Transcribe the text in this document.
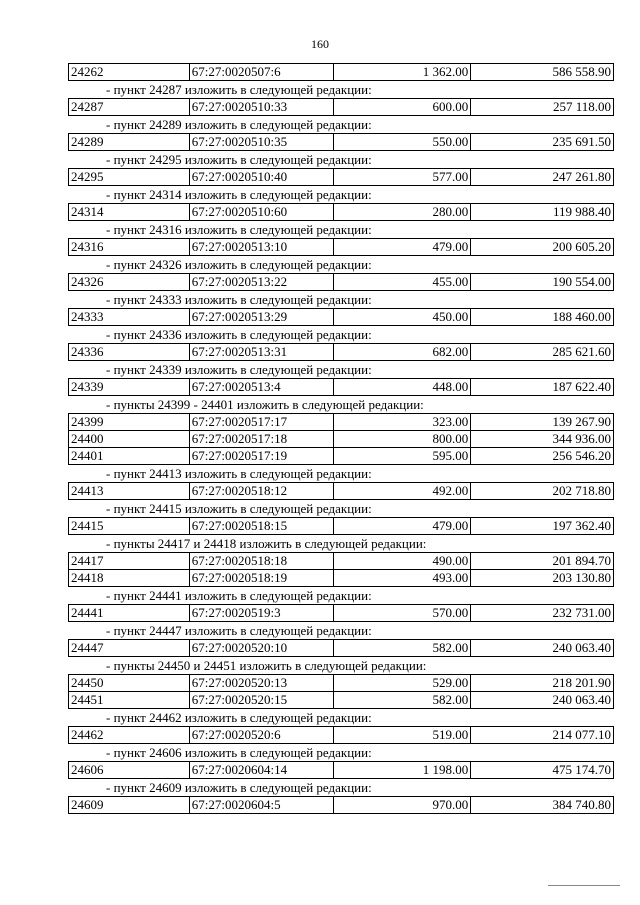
160
24262	67:27:0020507:6	1 362.00	586 558.90
- пункт 24287 изложить в следующей редакции:
24287	67:27:0020510:33	600.00	257 118.00
- пункт 24289 изложить в следующей редакции:
24289	67:27:0020510:35	550.00	235 691.50
- пункт 24295 изложить в следующей редакции:
24295	67:27:0020510:40	577.00	247 261.80
- пункт 24314 изложить в следующей редакции:
24314	67:27:0020510:60	280.00	119 988.40
- пункт 24316 изложить в следующей редакции:
24316	67:27:0020513:10	479.00	200 605.20
- пункт 24326 изложить в следующей редакции:
24326	67:27:0020513:22	455.00	190 554.00
- пункт 24333 изложить в следующей редакции:
24333	67:27:0020513:29	450.00	188 460.00
- пункт 24336 изложить в следующей редакции:
24336	67:27:0020513:31	682.00	285 621.60
- пункт 24339 изложить в следующей редакции:
24339	67:27:0020513:4	448.00	187 622.40
- пункты 24399 - 24401 изложить в следующей редакции:
24399	67:27:0020517:17	323.00	139 267.90
24400	67:27:0020517:18	800.00	344 936.00
24401	67:27:0020517:19	595.00	256 546.20
- пункт 24413 изложить в следующей редакции:
24413	67:27:0020518:12	492.00	202 718.80
- пункт 24415 изложить в следующей редакции:
24415	67:27:0020518:15	479.00	197 362.40
- пункты 24417 и 24418 изложить в следующей редакции:
24417	67:27:0020518:18	490.00	201 894.70
24418	67:27:0020518:19	493.00	203 130.80
- пункт 24441 изложить в следующей редакции:
24441	67:27:0020519:3	570.00	232 731.00
- пункт 24447 изложить в следующей редакции:
24447	67:27:0020520:10	582.00	240 063.40
- пункты 24450 и 24451 изложить в следующей редакции:
24450	67:27:0020520:13	529.00	218 201.90
24451	67:27:0020520:15	582.00	240 063.40
- пункт 24462 изложить в следующей редакции:
24462	67:27:0020520:6	519.00	214 077.10
- пункт 24606 изложить в следующей редакции:
24606	67:27:0020604:14	1 198.00	475 174.70
- пункт 24609 изложить в следующей редакции:
24609	67:27:0020604:5	970.00	384 740.80
